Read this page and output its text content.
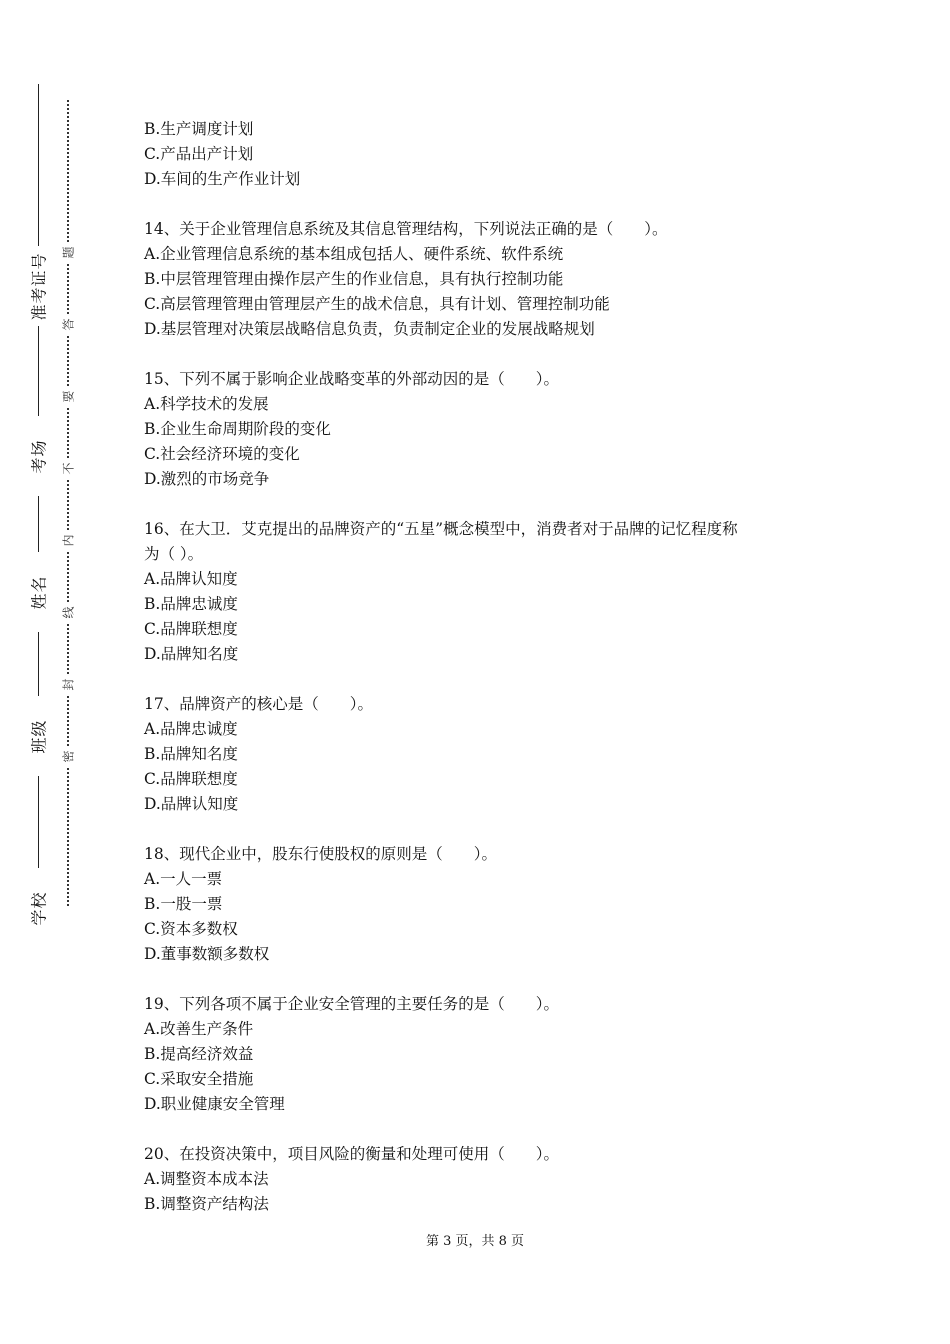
准考证号
考场
姓名
班级
学校
题
答
要
不
内
线
封
密
B.生产调度计划
C.产品出产计划
D.车间的生产作业计划
14、关于企业管理信息系统及其信息管理结构，下列说法正确的是（　　）。
A.企业管理信息系统的基本组成包括人、硬件系统、软件系统
B.中层管理管理由操作层产生的作业信息，具有执行控制功能
C.高层管理管理由管理层产生的战术信息，具有计划、管理控制功能
D.基层管理对决策层战略信息负责，负责制定企业的发展战略规划
15、下列不属于影响企业战略变革的外部动因的是（　　）。
A.科学技术的发展
B.企业生命周期阶段的变化
C.社会经济环境的变化
D.激烈的市场竞争
16、在大卫．艾克提出的品牌资产的“五星”概念模型中，消费者对于品牌的记忆程度称
为（ ）。
A.品牌认知度
B.品牌忠诚度
C.品牌联想度
D.品牌知名度
17、品牌资产的核心是（　　）。
A.品牌忠诚度
B.品牌知名度
C.品牌联想度
D.品牌认知度
18、现代企业中，股东行使股权的原则是（　　）。
A.一人一票
B.一股一票
C.资本多数权
D.董事数额多数权
19、下列各项不属于企业安全管理的主要任务的是（　　）。
A.改善生产条件
B.提高经济效益
C.采取安全措施
D.职业健康安全管理
20、在投资决策中，项目风险的衡量和处理可使用（　　）。
A.调整资本成本法
B.调整资产结构法
第 3 页，共 8 页
